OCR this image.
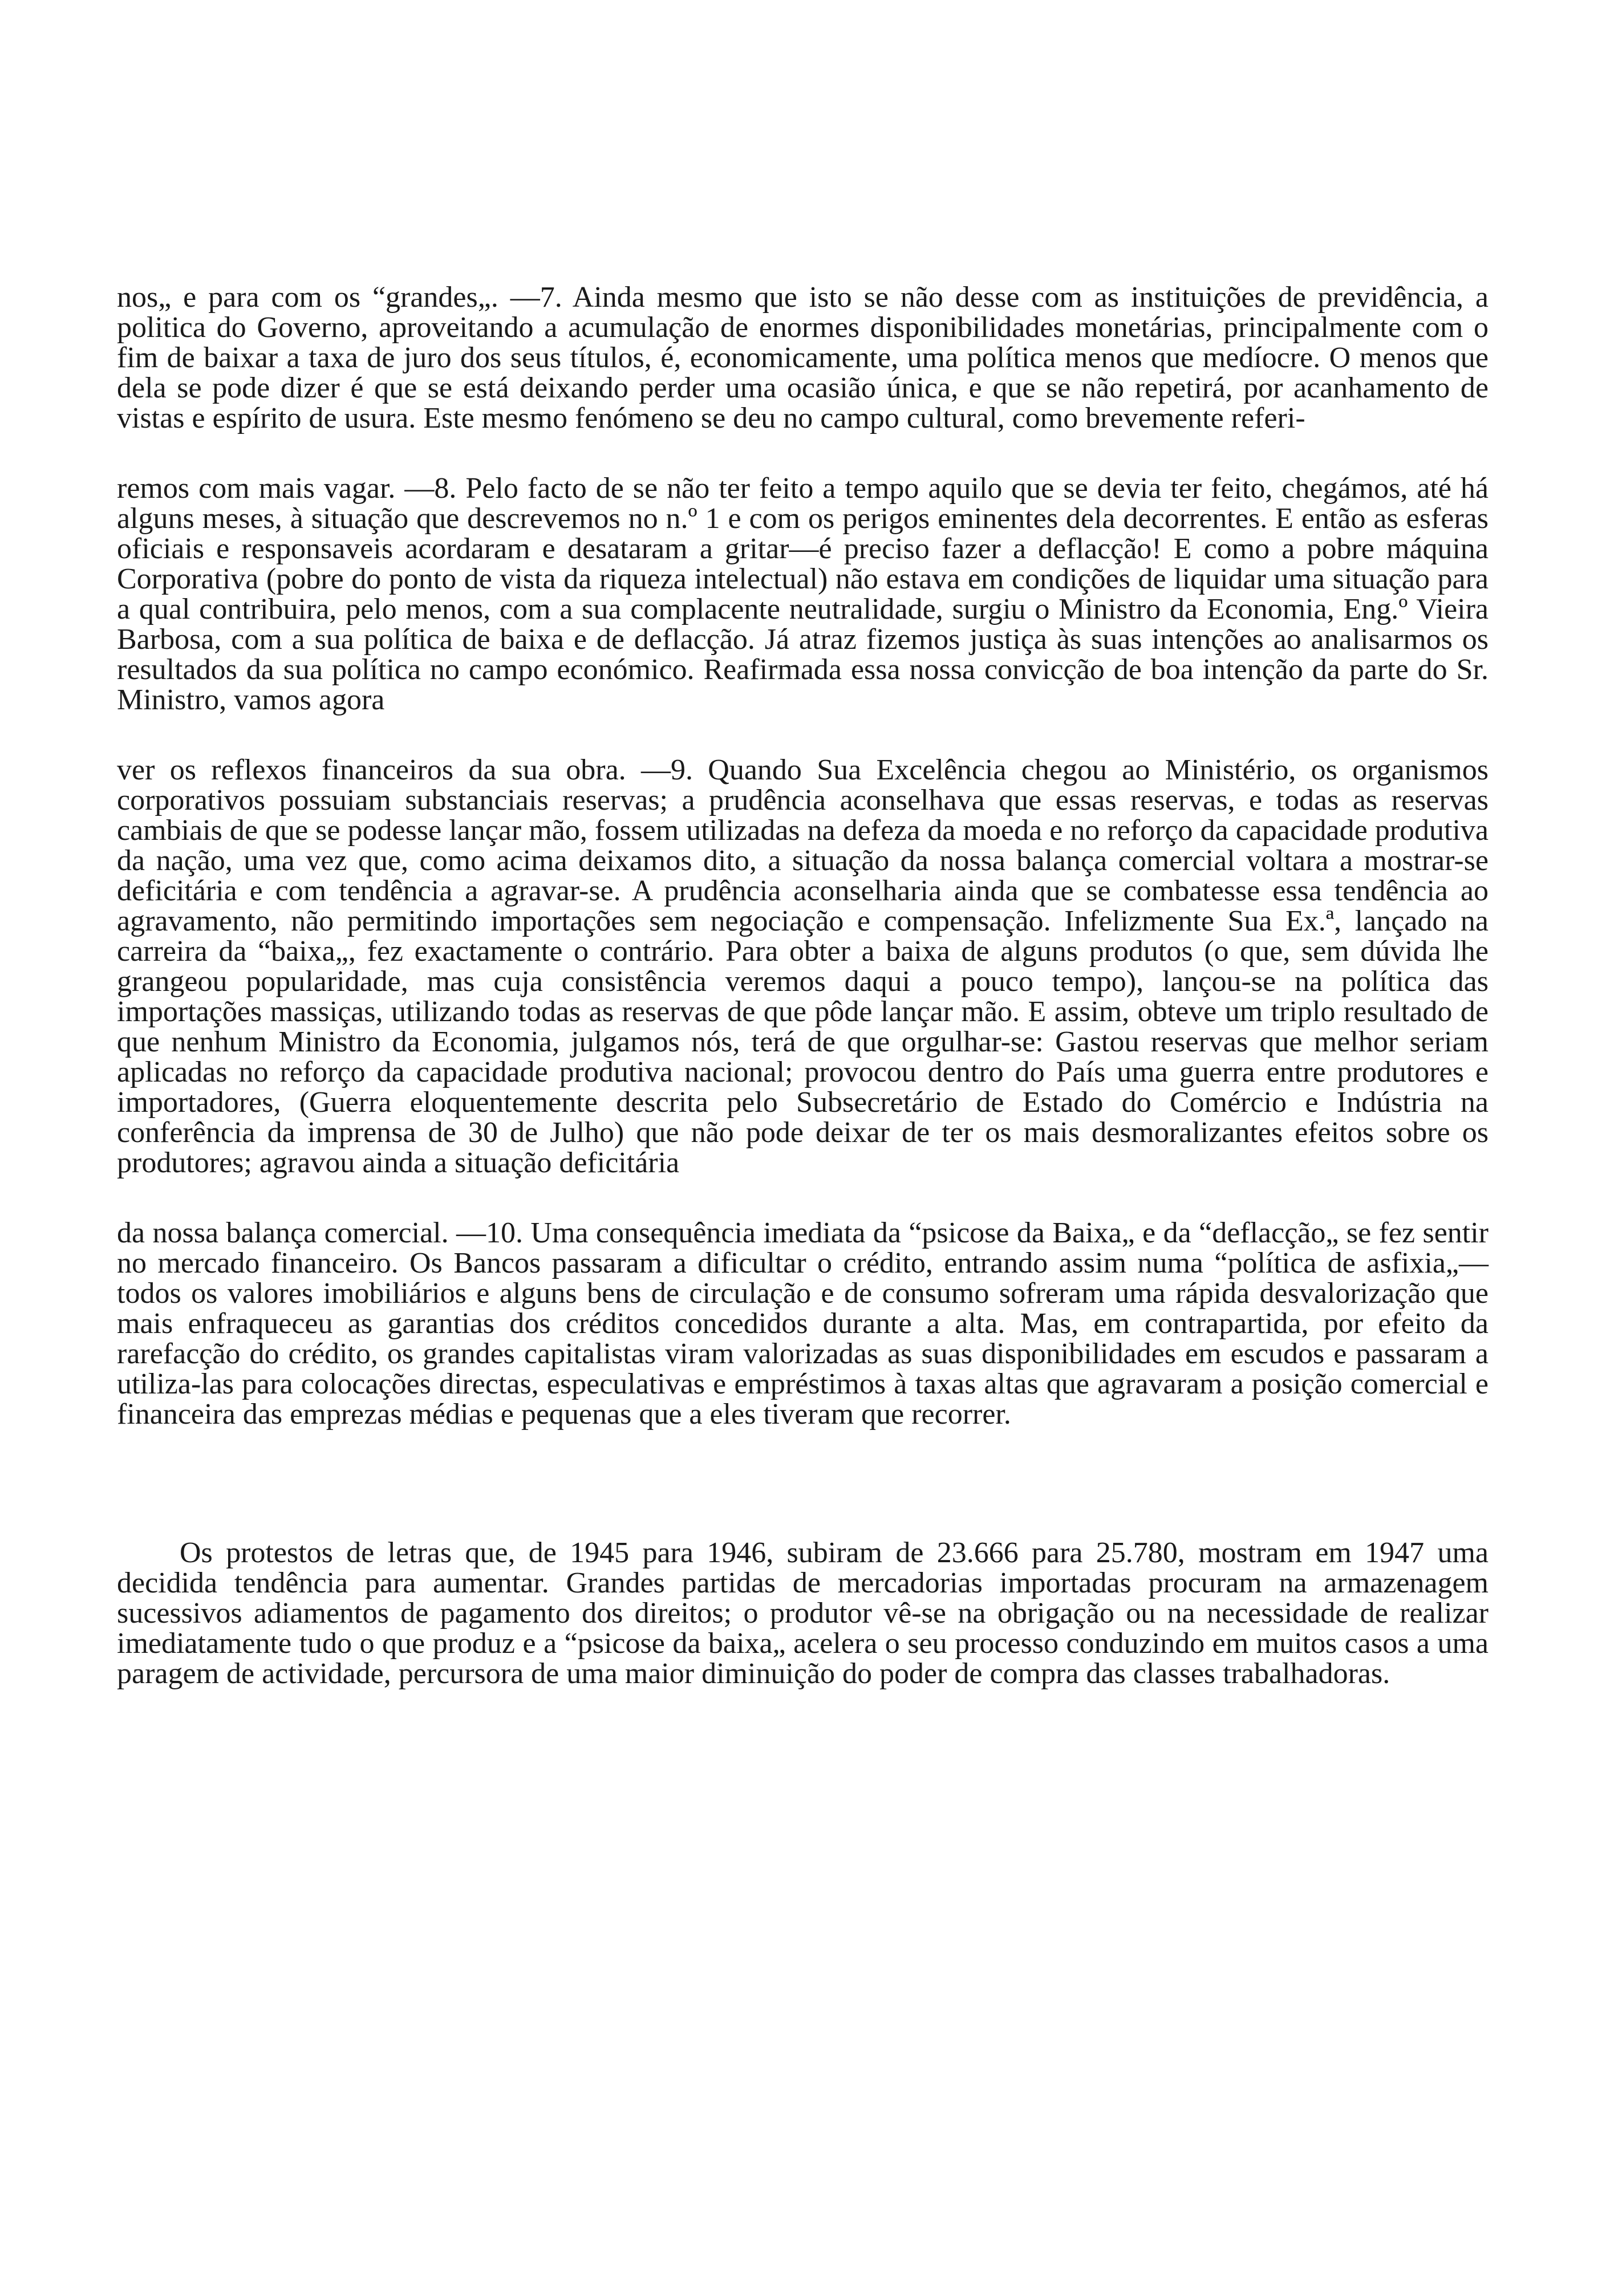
nos„ e para com os “grandes„. —7. Ainda mesmo que isto se não desse com as instituições de previdência, a politica do Governo, aproveitando a acumulação de enormes disponibilidades monetárias, principalmente com o fim de baixar a taxa de juro dos seus títulos, é, economicamente, uma política menos que medíocre. O menos que dela se pode dizer é que se está deixando perder uma ocasião única, e que se não repetirá, por acanhamento de vistas e espírito de usura. Este mesmo fenómeno se deu no campo cultural, como brevemente referi-

remos com mais vagar. —8. Pelo facto de se não ter feito a tempo aquilo que se devia ter feito, chegámos, até há alguns meses, à situação que descrevemos no n.º 1 e com os perigos eminentes dela decorrentes. E então as esferas oficiais e responsaveis acordaram e desataram a gritar—é preciso fazer a deflacção! E como a pobre máquina Corporativa (pobre do ponto de vista da riqueza intelectual) não estava em condições de liquidar uma situação para a qual contribuira, pelo menos, com a sua complacente neutralidade, surgiu o Ministro da Economia, Eng.º Vieira Barbosa, com a sua política de baixa e de deflacção. Já atraz fizemos justiça às suas intenções ao analisarmos os resultados da sua política no campo económico. Reafirmada essa nossa convicção de boa intenção da parte do Sr. Ministro, vamos agora

ver os reflexos financeiros da sua obra. —9. Quando Sua Excelência chegou ao Ministério, os organismos corporativos possuiam substanciais reservas; a prudência aconselhava que essas reservas, e todas as reservas cambiais de que se podesse lançar mão, fossem utilizadas na defeza da moeda e no reforço da capacidade produtiva da nação, uma vez que, como acima deixamos dito, a situação da nossa balança comercial voltara a mostrar-se deficitária e com tendência a agravar-se. A prudência aconselharia ainda que se combatesse essa tendência ao agravamento, não permitindo importações sem negociação e compensação. Infelizmente Sua Ex.ª, lançado na carreira da “baixa„, fez exactamente o contrário. Para obter a baixa de alguns produtos (o que, sem dúvida lhe grangeou popularidade, mas cuja consistência veremos daqui a pouco tempo), lançou-se na política das importações massiças, utilizando todas as reservas de que pôde lançar mão. E assim, obteve um triplo resultado de que nenhum Ministro da Economia, julgamos nós, terá de que orgulhar-se: Gastou reservas que melhor seriam aplicadas no reforço da capacidade produtiva nacional; provocou dentro do País uma guerra entre produtores e importadores, (Guerra eloquentemente descrita pelo Subsecretário de Estado do Comércio e Indústria na conferência da imprensa de 30 de Julho) que não pode deixar de ter os mais desmoralizantes efeitos sobre os produtores; agravou ainda a situação deficitária

da nossa balança comercial. —10. Uma consequência imediata da “psicose da Baixa„ e da “deflacção„ se fez sentir no mercado financeiro. Os Bancos passaram a dificultar o crédito, entrando assim numa “política de asfixia„—todos os valores imobiliários e alguns bens de circulação e de consumo sofreram uma rápida desvalorização que mais enfraqueceu as garantias dos créditos concedidos durante a alta. Mas, em contrapartida, por efeito da rarefacção do crédito, os grandes capitalistas viram valorizadas as suas disponibilidades em escudos e passaram a utiliza-las para colocações directas, especulativas e empréstimos à taxas altas que agravaram a posição comercial e financeira das emprezas médias e pequenas que a eles tiveram que recorrer.

Os protestos de letras que, de 1945 para 1946, subiram de 23.666 para 25.780, mostram em 1947 uma decidida tendência para aumentar. Grandes partidas de mercadorias importadas procuram na armazenagem sucessivos adiamentos de pagamento dos direitos; o produtor vê-se na obrigação ou na necessidade de realizar imediatamente tudo o que produz e a “psicose da baixa„ acelera o seu processo conduzindo em muitos casos a uma paragem de actividade, percursora de uma maior diminuição do poder de compra das classes trabalhadoras.
